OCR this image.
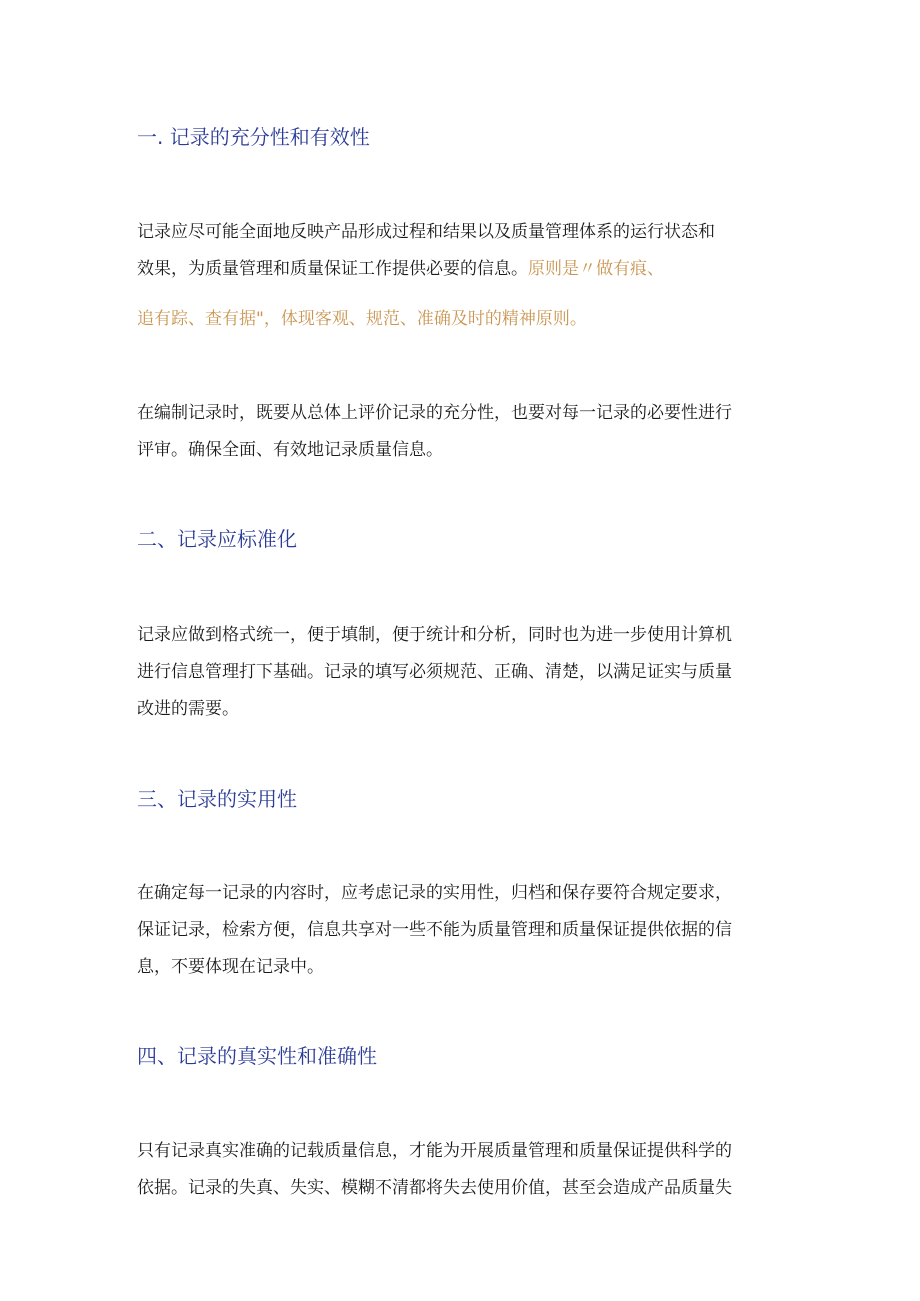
一. 记录的充分性和有效性
记录应尽可能全面地反映产品形成过程和结果以及质量管理体系的运行状态和
效果，为质量管理和质量保证工作提供必要的信息。原则是〃做有痕、
追有踪、查有据"，体现客观、规范、准确及时的精神原则。
在编制记录时，既要从总体上评价记录的充分性，也要对每一记录的必要性进行
评审。确保全面、有效地记录质量信息。
二、记录应标准化
记录应做到格式统一，便于填制，便于统计和分析，同时也为进一步使用计算机
进行信息管理打下基础。记录的填写必须规范、正确、清楚，以满足证实与质量
改进的需要。
三、记录的实用性
在确定每一记录的内容时，应考虑记录的实用性，归档和保存要符合规定要求，
保证记录，检索方便，信息共享对一些不能为质量管理和质量保证提供依据的信
息，不要体现在记录中。
四、记录的真实性和准确性
只有记录真实准确的记载质量信息，才能为开展质量管理和质量保证提供科学的
依据。记录的失真、失实、模糊不清都将失去使用价值，甚至会造成产品质量失
